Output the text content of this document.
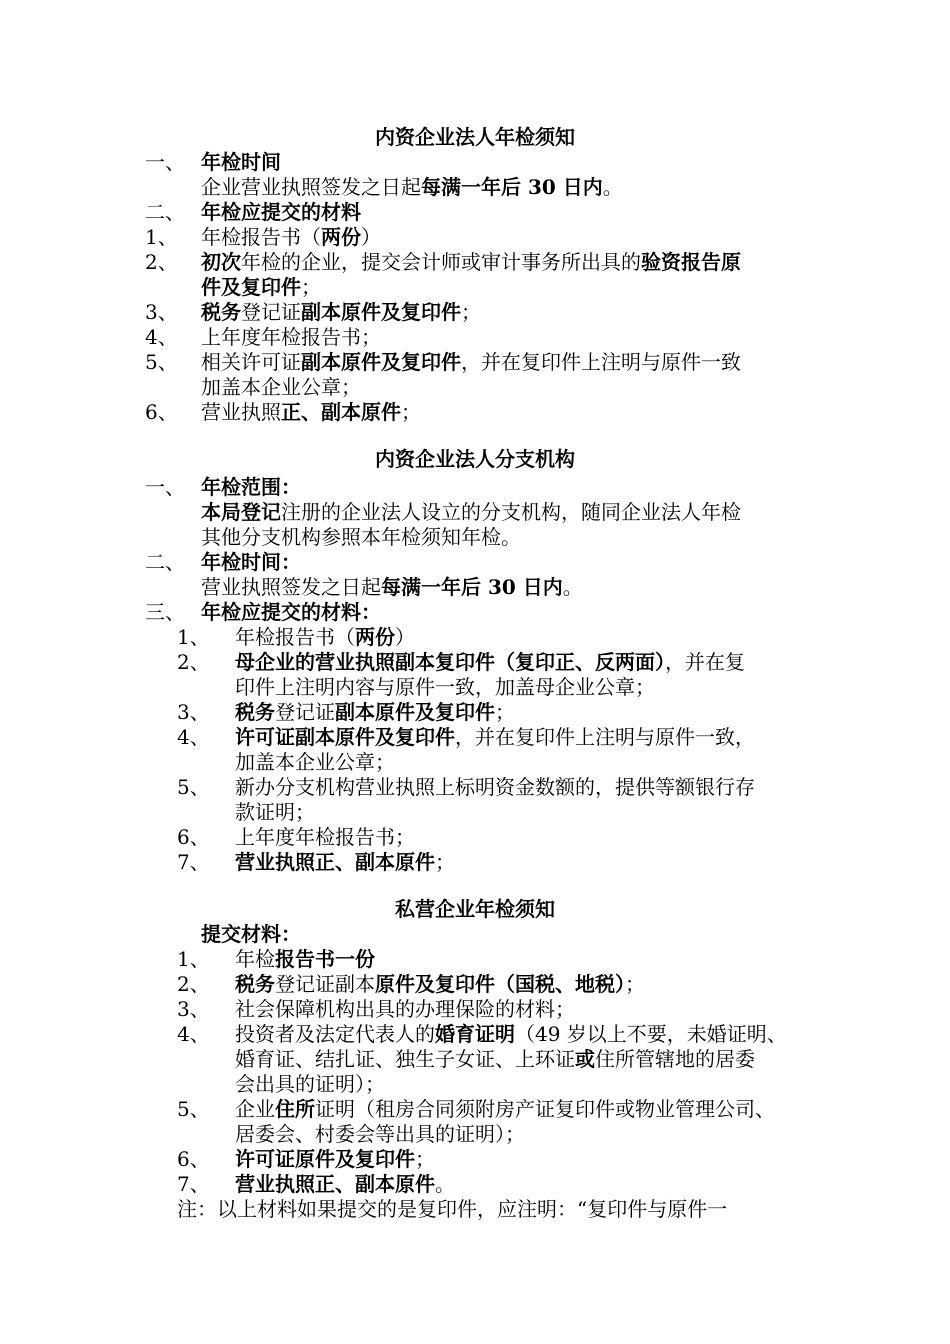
内资企业法人年检须知
一、 年检时间
企业营业执照签发之日起每满一年后 30 日内。
二、 年检应提交的材料
1、 年检报告书（两份）
2、 初次年检的企业，提交会计师或审计事务所出具的验资报告原
件及复印件；
3、 税务登记证副本原件及复印件；
4、 上年度年检报告书；
5、 相关许可证副本原件及复印件，并在复印件上注明与原件一致
加盖本企业公章；
6、 营业执照正、副本原件；
内资企业法人分支机构
一、 年检范围：
本局登记注册的企业法人设立的分支机构，随同企业法人年检
其他分支机构参照本年检须知年检。
二、 年检时间：
营业执照签发之日起每满一年后 30 日内。
三、 年检应提交的材料：
1、 年检报告书（两份）
2、 母企业的营业执照副本复印件（复印正、反两面），并在复
印件上注明内容与原件一致，加盖母企业公章；
3、 税务登记证副本原件及复印件；
4、 许可证副本原件及复印件，并在复印件上注明与原件一致，
加盖本企业公章；
5、 新办分支机构营业执照上标明资金数额的，提供等额银行存
款证明；
6、 上年度年检报告书；
7、 营业执照正、副本原件；
私营企业年检须知
提交材料：
1、 年检报告书一份
2、 税务登记证副本原件及复印件（国税、地税）；
3、 社会保障机构出具的办理保险的材料；
4、 投资者及法定代表人的婚育证明（49 岁以上不要，未婚证明、
婚育证、结扎证、独生子女证、上环证或住所管辖地的居委
会出具的证明）；
5、 企业住所证明（租房合同须附房产证复印件或物业管理公司、
居委会、村委会等出具的证明）；
6、 许可证原件及复印件；
7、 营业执照正、副本原件。
注：以上材料如果提交的是复印件，应注明：“复印件与原件一
